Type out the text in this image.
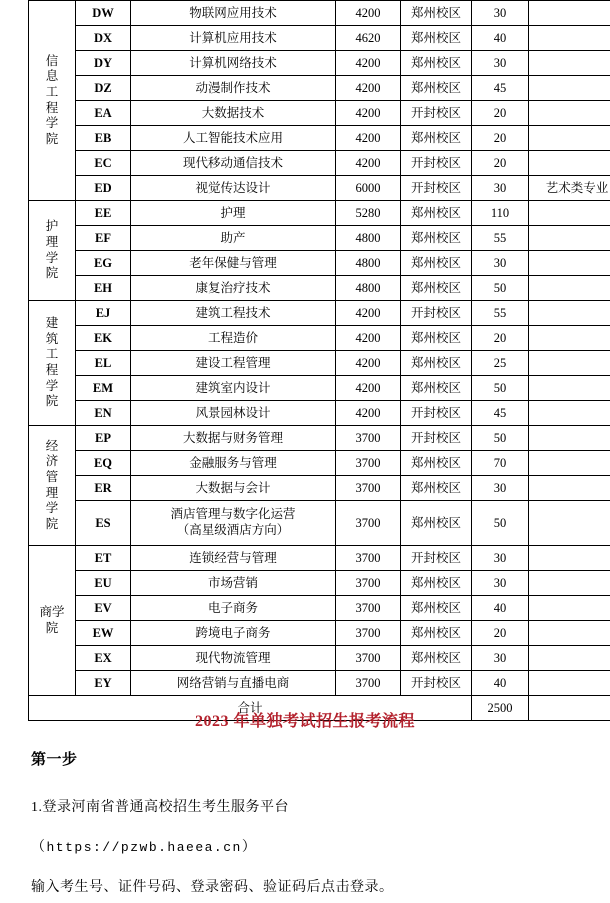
信息
工程
学院	DW	物联网应用技术	4200	郑州校区	30	
	DX	计算机应用技术	4620	郑州校区	40	
	DY	计算机网络技术	4200	郑州校区	30	
	DZ	动漫制作技术	4200	郑州校区	45	
	EA	大数据技术	4200	开封校区	20	
	EB	人工智能技术应用	4200	郑州校区	20	
	EC	现代移动通信技术	4200	开封校区	20	
	ED	视觉传达设计	6000	开封校区	30	艺术类专业

护理
学院	EE	护理	5280	郑州校区	110	
	EF	助产	4800	郑州校区	55	
	EG	老年保健与管理	4800	郑州校区	30	
	EH	康复治疗技术	4800	郑州校区	50	

建筑
工程
学院	EJ	建筑工程技术	4200	开封校区	55	
	EK	工程造价	4200	郑州校区	20	
	EL	建设工程管理	4200	郑州校区	25	
	EM	建筑室内设计	4200	郑州校区	50	
	EN	风景园林设计	4200	开封校区	45	

经济
管理
学院	EP	大数据与财务管理	3700	开封校区	50	
	EQ	金融服务与管理	3700	郑州校区	70	
	ER	大数据与会计	3700	郑州校区	30	
	ES	酒店管理与数字化运营
（高星级酒店方向）	3700	郑州校区	50	

商学
院	ET	连锁经营与管理	3700	开封校区	30	
	EU	市场营销	3700	郑州校区	30	
	EV	电子商务	3700	郑州校区	40	
	EW	跨境电子商务	3700	郑州校区	20	
	EX	现代物流管理	3700	郑州校区	30	
	EY	网络营销与直播电商	3700	开封校区	40	
合计					2500	
2023 年单独考试招生报考流程
第一步
1.登录河南省普通高校招生考生服务平台
（https://pzwb.haeea.cn）
输入考生号、证件号码、登录密码、验证码后点击登录。
